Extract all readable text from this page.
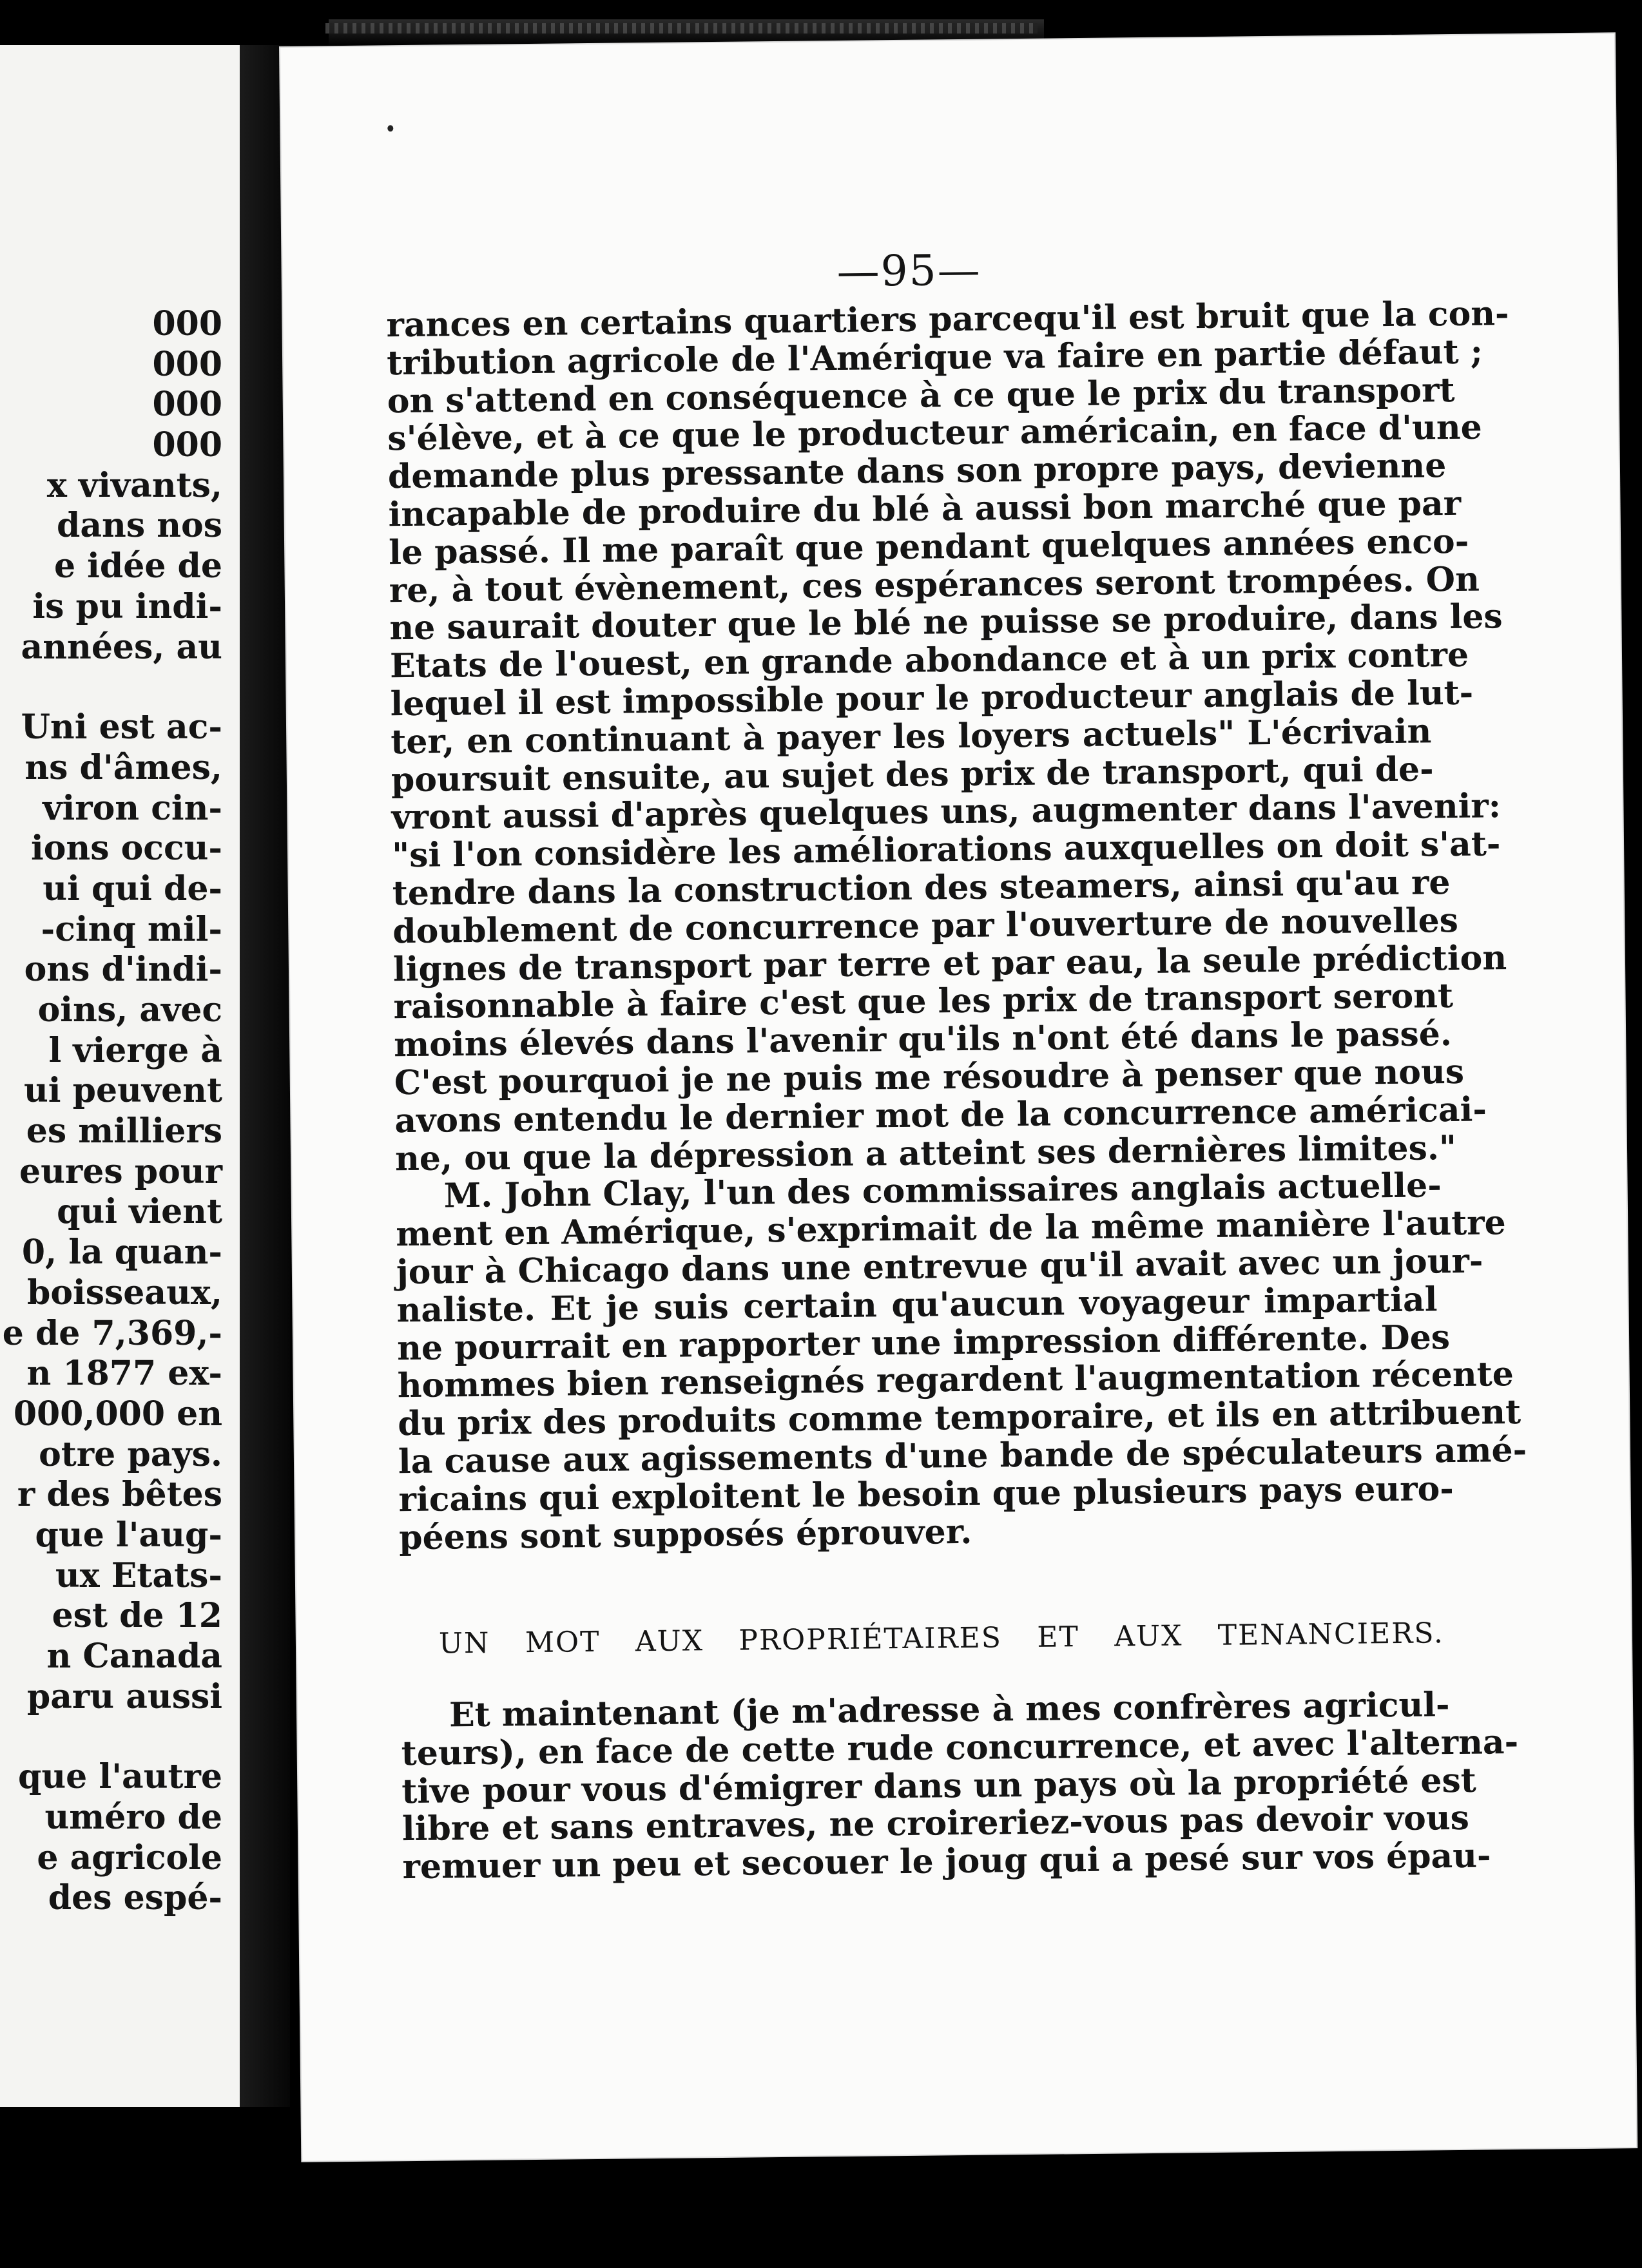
000
000
000
000
x vivants,
dans nos
e idée de
is pu indi-
années, au
Uni est ac-
ns d'âmes,
viron cin-
ions occu-
ui qui de-
-cinq mil-
ons d'indi-
oins, avec
l vierge à
ui peuvent
es milliers
eures pour
qui vient
0, la quan-
boisseaux,
e de 7,369,-
n 1877 ex-
000,000 en
otre pays.
r des bêtes
que l'aug-
ux Etats-
est de 12
n Canada
paru aussi
que l'autre
uméro de
e agricole
des espé-
—95—
rances en certains quartiers parcequ'il est bruit que la con-
tribution agricole de l'Amérique va faire en partie défaut ;
on s'attend en conséquence à ce que le prix du transport
s'élève, et à ce que le producteur américain, en face d'une
demande plus pressante dans son propre pays, devienne
incapable de produire du blé à aussi bon marché que par
le passé. Il me paraît que pendant quelques années enco-
re, à tout évènement, ces espérances seront trompées. On
ne saurait douter que le blé ne puisse se produire, dans les
Etats de l'ouest, en grande abondance et à un prix contre
lequel il est impossible pour le producteur anglais de lut-
ter, en continuant à payer les loyers actuels" L'écrivain
poursuit ensuite, au sujet des prix de transport, qui de-
vront aussi d'après quelques uns, augmenter dans l'avenir:
"si l'on considère les améliorations auxquelles on doit s'at-
tendre dans la construction des steamers, ainsi qu'au re
doublement de concurrence par l'ouverture de nouvelles
lignes de transport par terre et par eau, la seule prédiction
raisonnable à faire c'est que les prix de transport seront
moins élevés dans l'avenir qu'ils n'ont été dans le passé.
C'est pourquoi je ne puis me résoudre à penser que nous
avons entendu le dernier mot de la concurrence américai-
ne, ou que la dépression a atteint ses dernières limites."
M. John Clay, l'un des commissaires anglais actuelle-
ment en Amérique, s'exprimait de la même manière l'autre
jour à Chicago dans une entrevue qu'il avait avec un jour-
naliste. Et je suis certain qu'aucun voyageur impartial
ne pourrait en rapporter une impression différente. Des
hommes bien renseignés regardent l'augmentation récente
du prix des produits comme temporaire, et ils en attribuent
la cause aux agissements d'une bande de spéculateurs amé-
ricains qui exploitent le besoin que plusieurs pays euro-
péens sont supposés éprouver.
UN MOT AUX PROPRIÉTAIRES ET AUX TENANCIERS.
Et maintenant (je m'adresse à mes confrères agricul-
teurs), en face de cette rude concurrence, et avec l'alterna-
tive pour vous d'émigrer dans un pays où la propriété est
libre et sans entraves, ne croireriez-vous pas devoir vous
remuer un peu et secouer le joug qui a pesé sur vos épau-
